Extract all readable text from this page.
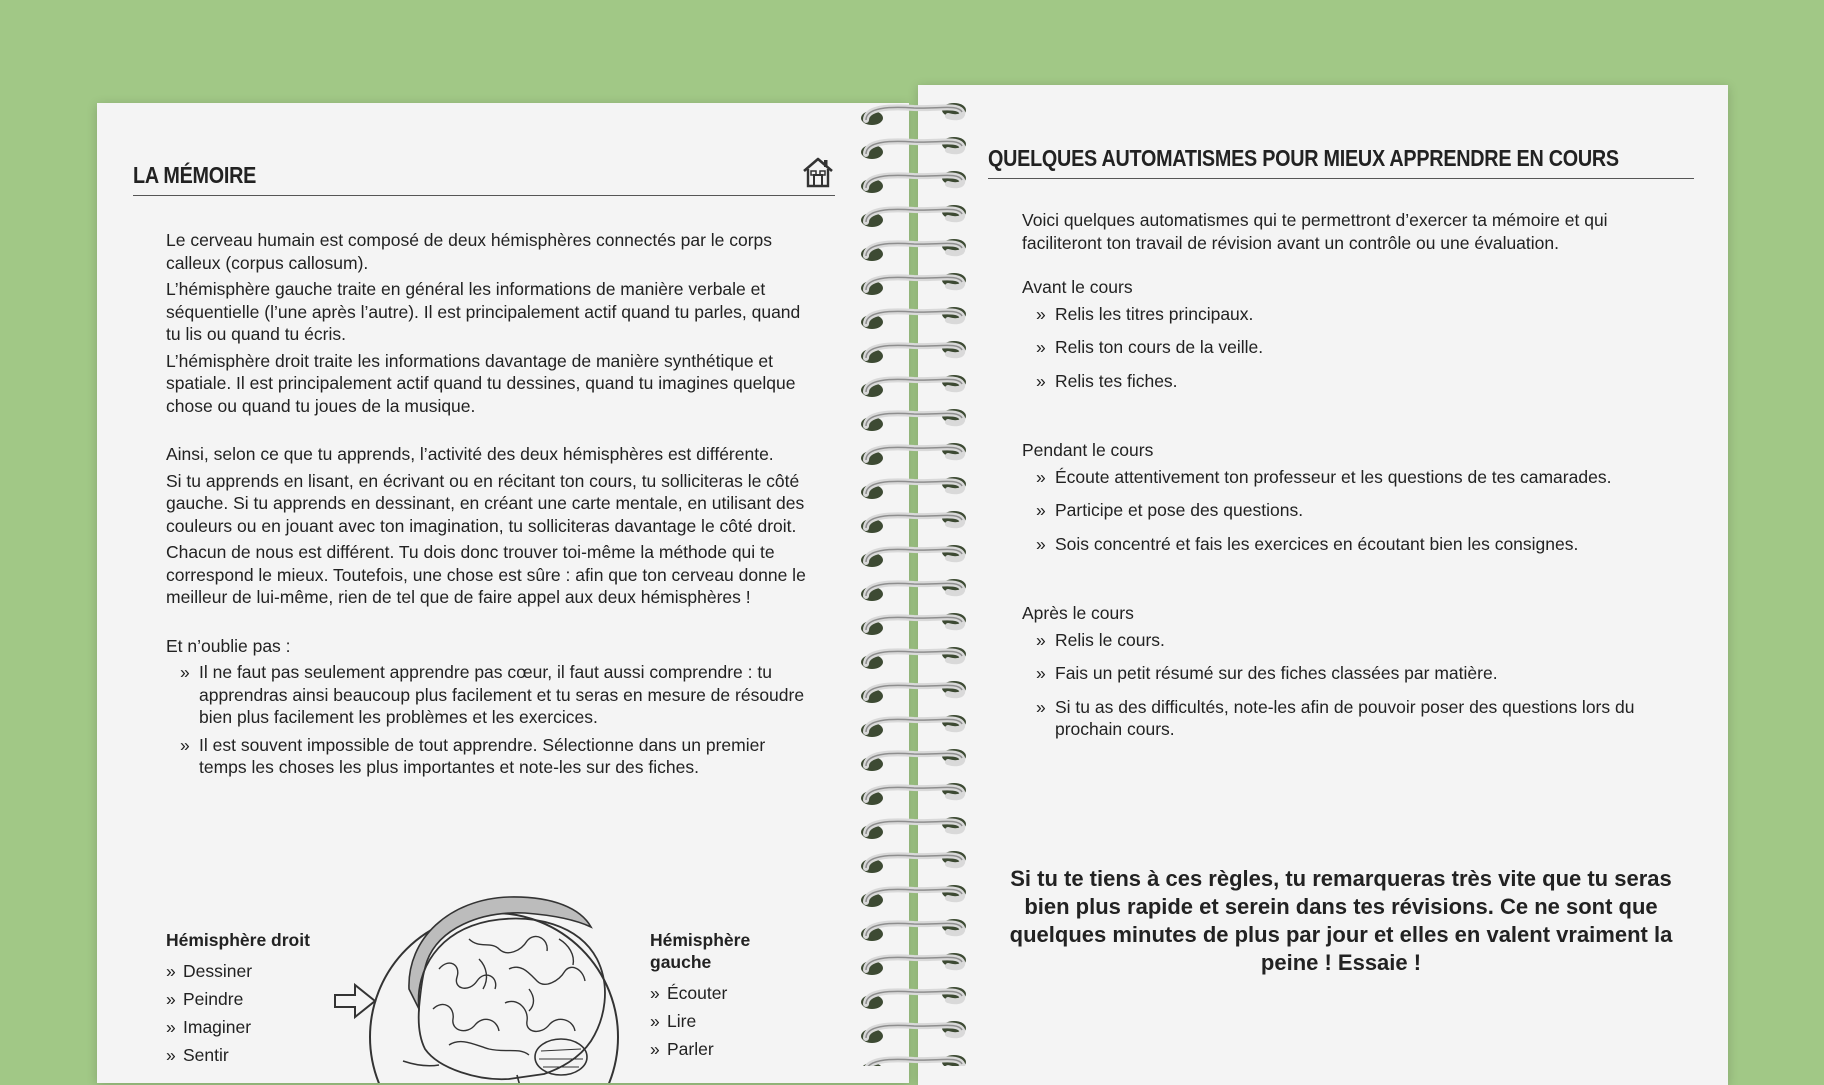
LA MÉMOIRE

Le cerveau humain est composé de deux hémisphères connectés par le corps calleux (corpus callosum).

L’hémisphère gauche traite en général les informations de manière verbale et séquentielle (l’une après l’autre). Il est principalement actif quand tu parles, quand tu lis ou quand tu écris.

L’hémisphère droit traite les informations davantage de manière synthétique et spatiale. Il est principalement actif quand tu dessines, quand tu imagines quelque chose ou quand tu joues de la musique.

Ainsi, selon ce que tu apprends, l’activité des deux hémisphères est différente.

Si tu apprends en lisant, en écrivant ou en récitant ton cours, tu solliciteras le côté gauche. Si tu apprends en dessinant, en créant une carte mentale, en utilisant des couleurs ou en jouant avec ton imagination, tu solliciteras davantage le côté droit.

Chacun de nous est différent. Tu dois donc trouver toi-même la méthode qui te correspond le mieux. Toutefois, une chose est sûre : afin que ton cerveau donne le meilleur de lui-même, rien de tel que de faire appel aux deux hémisphères !

Et n’oublie pas :

» Il ne faut pas seulement apprendre pas cœur, il faut aussi comprendre : tu apprendras ainsi beaucoup plus facilement et tu seras en mesure de résoudre bien plus facilement les problèmes et les exercices.
» Il est souvent impossible de tout apprendre. Sélectionne dans un premier temps les choses les plus importantes et note-les sur des fiches.
Hémisphère droit
» Dessiner
» Peindre
» Imaginer
» Sentir
Hémisphère gauche
» Écouter
» Lire
» Parler
QUELQUES AUTOMATISMES POUR MIEUX APPRENDRE EN COURS

Voici quelques automatismes qui te permettront d’exercer ta mémoire et qui faciliteront ton travail de révision avant un contrôle ou une évaluation.

Avant le cours

» Relis les titres principaux.
» Relis ton cours de la veille.
» Relis tes fiches.

Pendant le cours

» Écoute attentivement ton professeur et les questions de tes camarades.
» Participe et pose des questions.
» Sois concentré et fais les exercices en écoutant bien les consignes.

Après le cours

» Relis le cours.
» Fais un petit résumé sur des fiches classées par matière.
» Si tu as des difficultés, note-les afin de pouvoir poser des questions lors du prochain cours.
Si tu te tiens à ces règles, tu remarqueras très vite que tu seras bien plus rapide et serein dans tes révisions. Ce ne sont que quelques minutes de plus par jour et elles en valent vraiment la peine ! Essaie !
